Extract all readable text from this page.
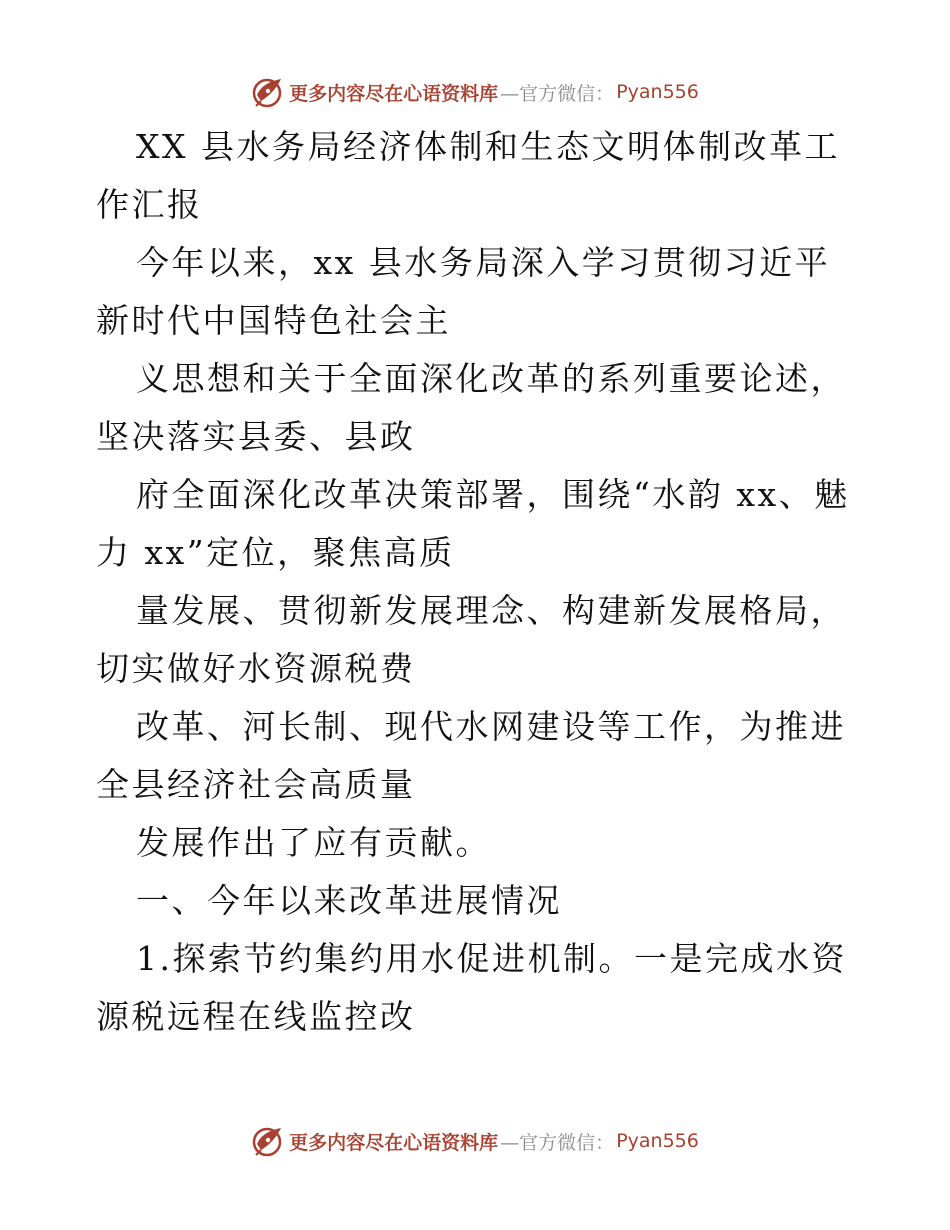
更多内容尽在心语资料库 —官方微信： Pyan556

XX 县水务局经济体制和生态文明体制改革工作汇报

今年以来，xx 县水务局深入学习贯彻习近平新时代中国特色社会主

义思想和关于全面深化改革的系列重要论述，坚决落实县委、县政

府全面深化改革决策部署，围绕“水韵 xx、魅力 xx”定位，聚焦高质

量发展、贯彻新发展理念、构建新发展格局，切实做好水资源税费

改革、河长制、现代水网建设等工作，为推进全县经济社会高质量

发展作出了应有贡献。

一、今年以来改革进展情况

1.探索节约集约用水促进机制。一是完成水资源税远程在线监控改

更多内容尽在心语资料库 —官方微信： Pyan556
